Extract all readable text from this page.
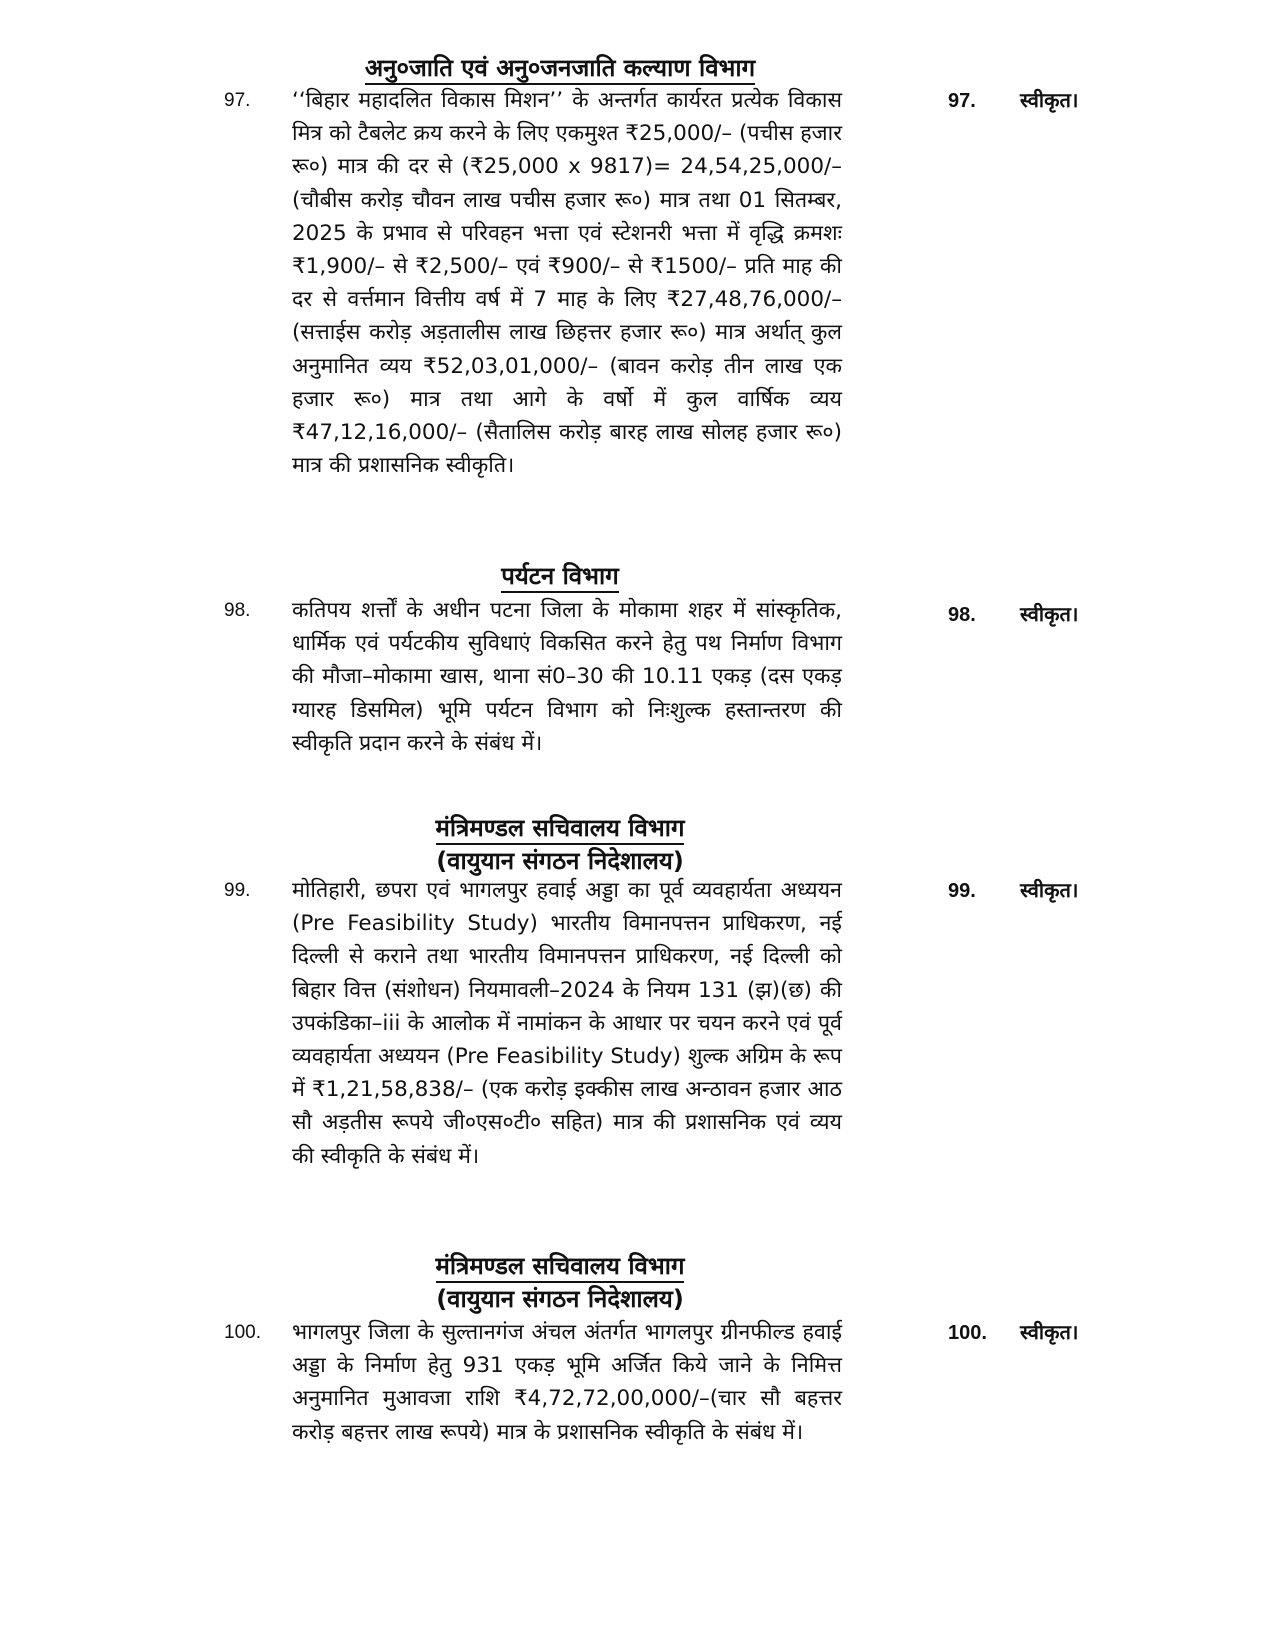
अनु०जाति एवं अनु०जनजाति कल्याण विभाग
97. ‘‘बिहार महादलित विकास मिशन’’ के अन्तर्गत कार्यरत प्रत्येक विकास मित्र को टैबलेट क्रय करने के लिए एकमुश्त ₹25,000/– (पचीस हजार रू०) मात्र की दर से (₹25,000 x 9817)= 24,54,25,000/– (चौबीस करोड़ चौवन लाख पचीस हजार रू०) मात्र तथा 01 सितम्बर, 2025 के प्रभाव से परिवहन भत्ता एवं स्टेशनरी भत्ता में वृद्धि क्रमशः ₹1,900/– से ₹2,500/– एवं ₹900/– से ₹1500/– प्रति माह की दर से वर्त्तमान वित्तीय वर्ष में 7 माह के लिए ₹27,48,76,000/– (सत्ताईस करोड़ अड़तालीस लाख छिहत्तर हजार रू०) मात्र अर्थात् कुल अनुमानित व्यय ₹52,03,01,000/– (बावन करोड़ तीन लाख एक हजार रू०) मात्र तथा आगे के वर्षो में कुल वार्षिक व्यय ₹47,12,16,000/– (सैतालिस करोड़ बारह लाख सोलह हजार रू०) मात्र की प्रशासनिक स्वीकृति।
97. स्वीकृत।
पर्यटन विभाग
98. कतिपय शर्त्तों के अधीन पटना जिला के मोकामा शहर में सांस्कृतिक, धार्मिक एवं पर्यटकीय सुविधाएं विकसित करने हेतु पथ निर्माण विभाग की मौजा–मोकामा खास, थाना सं0–30 की 10.11 एकड़ (दस एकड़ ग्यारह डिसमिल) भूमि पर्यटन विभाग को निःशुल्क हस्तान्तरण की स्वीकृति प्रदान करने के संबंध में।
98. स्वीकृत।
मंत्रिमण्डल सचिवालय विभाग
(वायुयान संगठन निदेशालय)
99. मोतिहारी, छपरा एवं भागलपुर हवाई अड्डा का पूर्व व्यवहार्यता अध्ययन (Pre Feasibility Study) भारतीय विमानपत्तन प्राधिकरण, नई दिल्ली से कराने तथा भारतीय विमानपत्तन प्राधिकरण, नई दिल्ली को बिहार वित्त (संशोधन) नियमावली–2024 के नियम 131 (झ)(छ) की उपकंडिका–iii के आलोक में नामांकन के आधार पर चयन करने एवं पूर्व व्यवहार्यता अध्ययन (Pre Feasibility Study) शुल्क अग्रिम के रूप में ₹1,21,58,838/– (एक करोड़ इक्कीस लाख अन्ठावन हजार आठ सौ अड़तीस रूपये जी०एस०टी० सहित) मात्र की प्रशासनिक एवं व्यय की स्वीकृति के संबंध में।
99. स्वीकृत।
मंत्रिमण्डल सचिवालय विभाग
(वायुयान संगठन निदेशालय)
100. भागलपुर जिला के सुल्तानगंज अंचल अंतर्गत भागलपुर ग्रीनफील्ड हवाई अड्डा के निर्माण हेतु 931 एकड़ भूमि अर्जित किये जाने के निमित्त अनुमानित मुआवजा राशि ₹4,72,72,00,000/–(चार सौ बहत्तर करोड़ बहत्तर लाख रूपये) मात्र के प्रशासनिक स्वीकृति के संबंध में।
100. स्वीकृत।
